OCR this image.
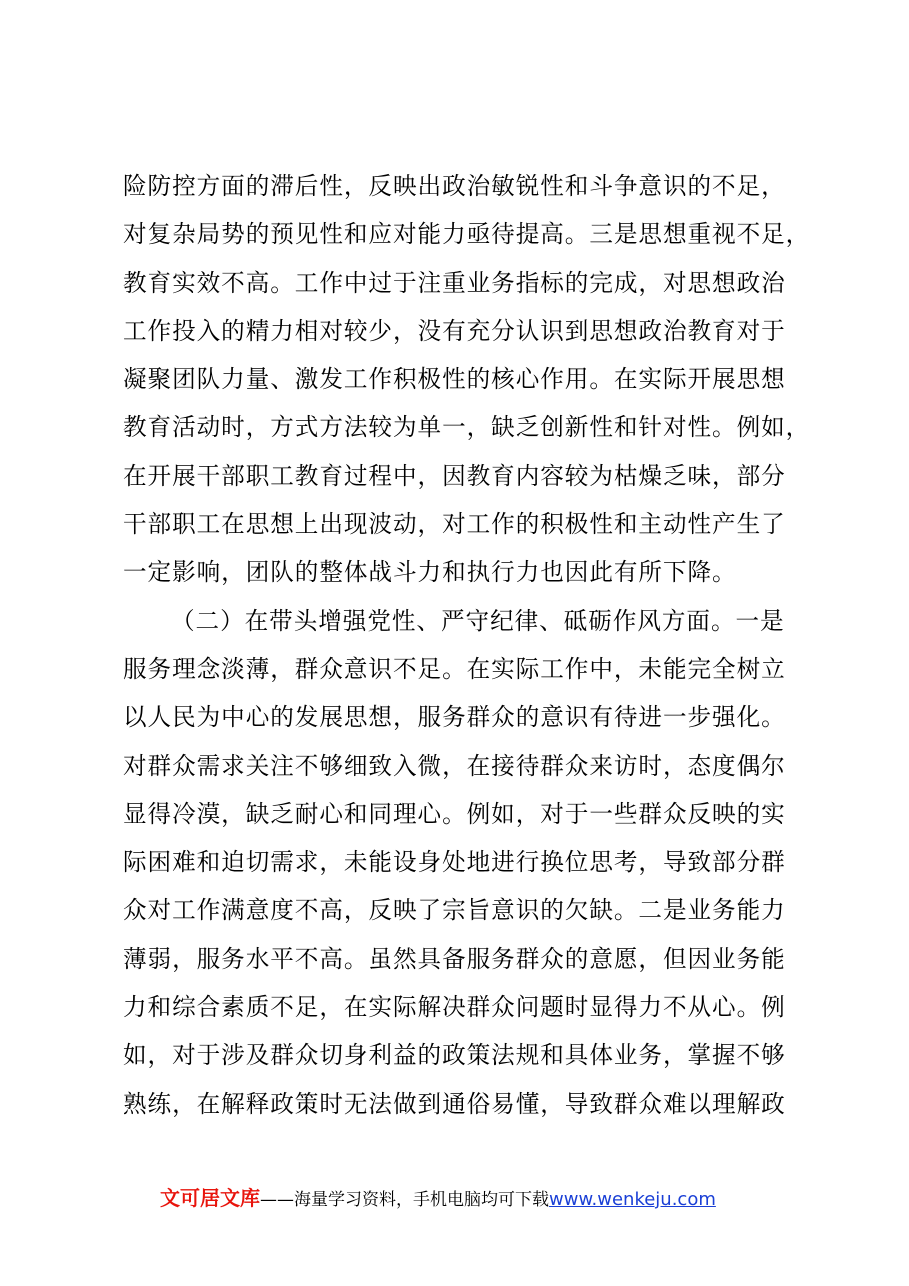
险防控方面的滞后性，反映出政治敏锐性和斗争意识的不足，
对复杂局势的预见性和应对能力亟待提高。三是思想重视不足，
教育实效不高。工作中过于注重业务指标的完成，对思想政治
工作投入的精力相对较少，没有充分认识到思想政治教育对于
凝聚团队力量、激发工作积极性的核心作用。在实际开展思想
教育活动时，方式方法较为单一，缺乏创新性和针对性。例如，
在开展干部职工教育过程中，因教育内容较为枯燥乏味，部分
干部职工在思想上出现波动，对工作的积极性和主动性产生了
一定影响，团队的整体战斗力和执行力也因此有所下降。
（二）在带头增强党性、严守纪律、砥砺作风方面。一是
服务理念淡薄，群众意识不足。在实际工作中，未能完全树立
以人民为中心的发展思想，服务群众的意识有待进一步强化。
对群众需求关注不够细致入微，在接待群众来访时，态度偶尔
显得冷漠，缺乏耐心和同理心。例如，对于一些群众反映的实
际困难和迫切需求，未能设身处地进行换位思考，导致部分群
众对工作满意度不高，反映了宗旨意识的欠缺。二是业务能力
薄弱，服务水平不高。虽然具备服务群众的意愿，但因业务能
力和综合素质不足，在实际解决群众问题时显得力不从心。例
如，对于涉及群众切身利益的政策法规和具体业务，掌握不够
熟练，在解释政策时无法做到通俗易懂，导致群众难以理解政
文可居文库——海量学习资料，手机电脑均可下载www.wenkeju.com
